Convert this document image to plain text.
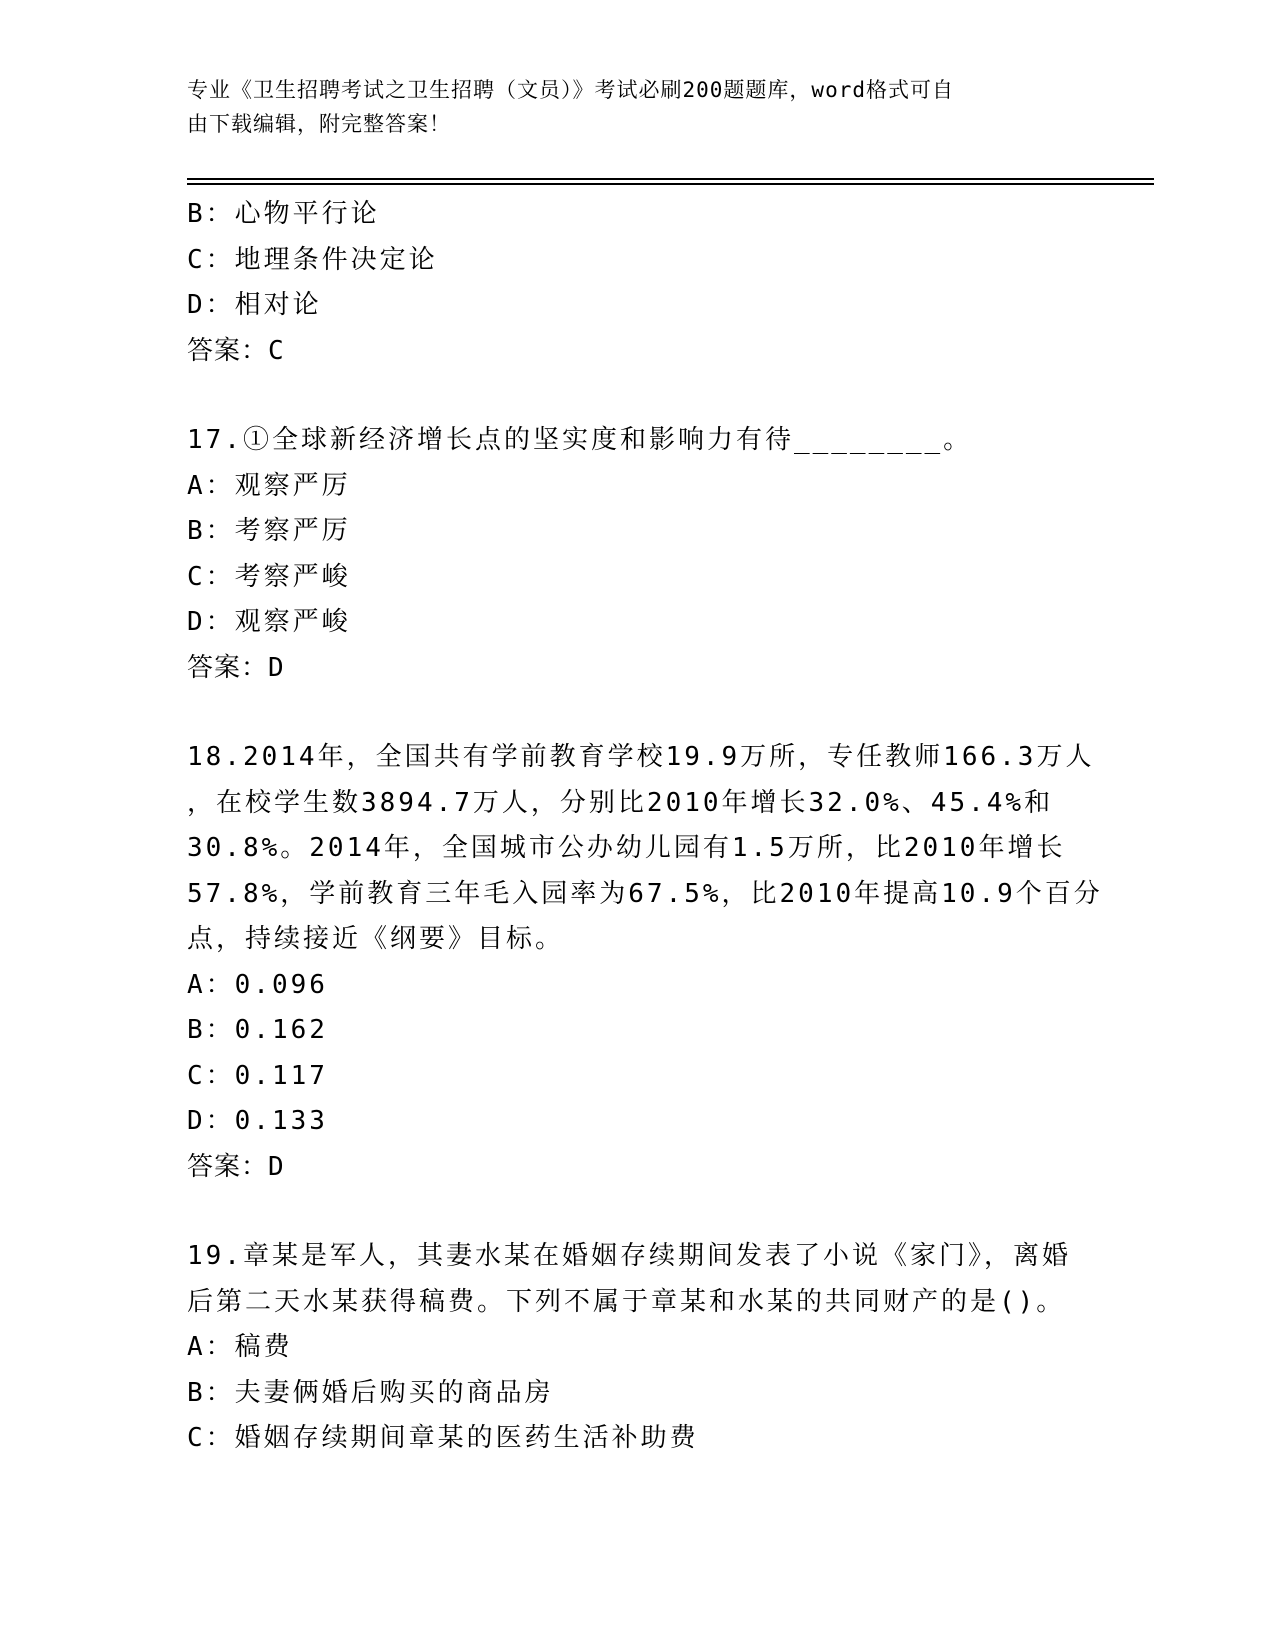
专业《卫生招聘考试之卫生招聘（文员）》考试必刷200题题库，word格式可自
由下载编辑，附完整答案！
B：心物平行论
C：地理条件决定论
D：相对论
答案：C
17.①全球新经济增长点的坚实度和影响力有待________。
A：观察严厉
B：考察严厉
C：考察严峻
D：观察严峻
答案：D
18.2014年，全国共有学前教育学校19.9万所，专任教师166.3万人
，在校学生数3894.7万人，分别比2010年增长32.0%、45.4%和
30.8%。2014年，全国城市公办幼儿园有1.5万所，比2010年增长
57.8%，学前教育三年毛入园率为67.5%，比2010年提高10.9个百分
点，持续接近《纲要》目标。
A：0.096
B：0.162
C：0.117
D：0.133
答案：D
19.章某是军人，其妻水某在婚姻存续期间发表了小说《家门》，离婚
后第二天水某获得稿费。下列不属于章某和水某的共同财产的是()。
A：稿费
B：夫妻俩婚后购买的商品房
C：婚姻存续期间章某的医药生活补助费
